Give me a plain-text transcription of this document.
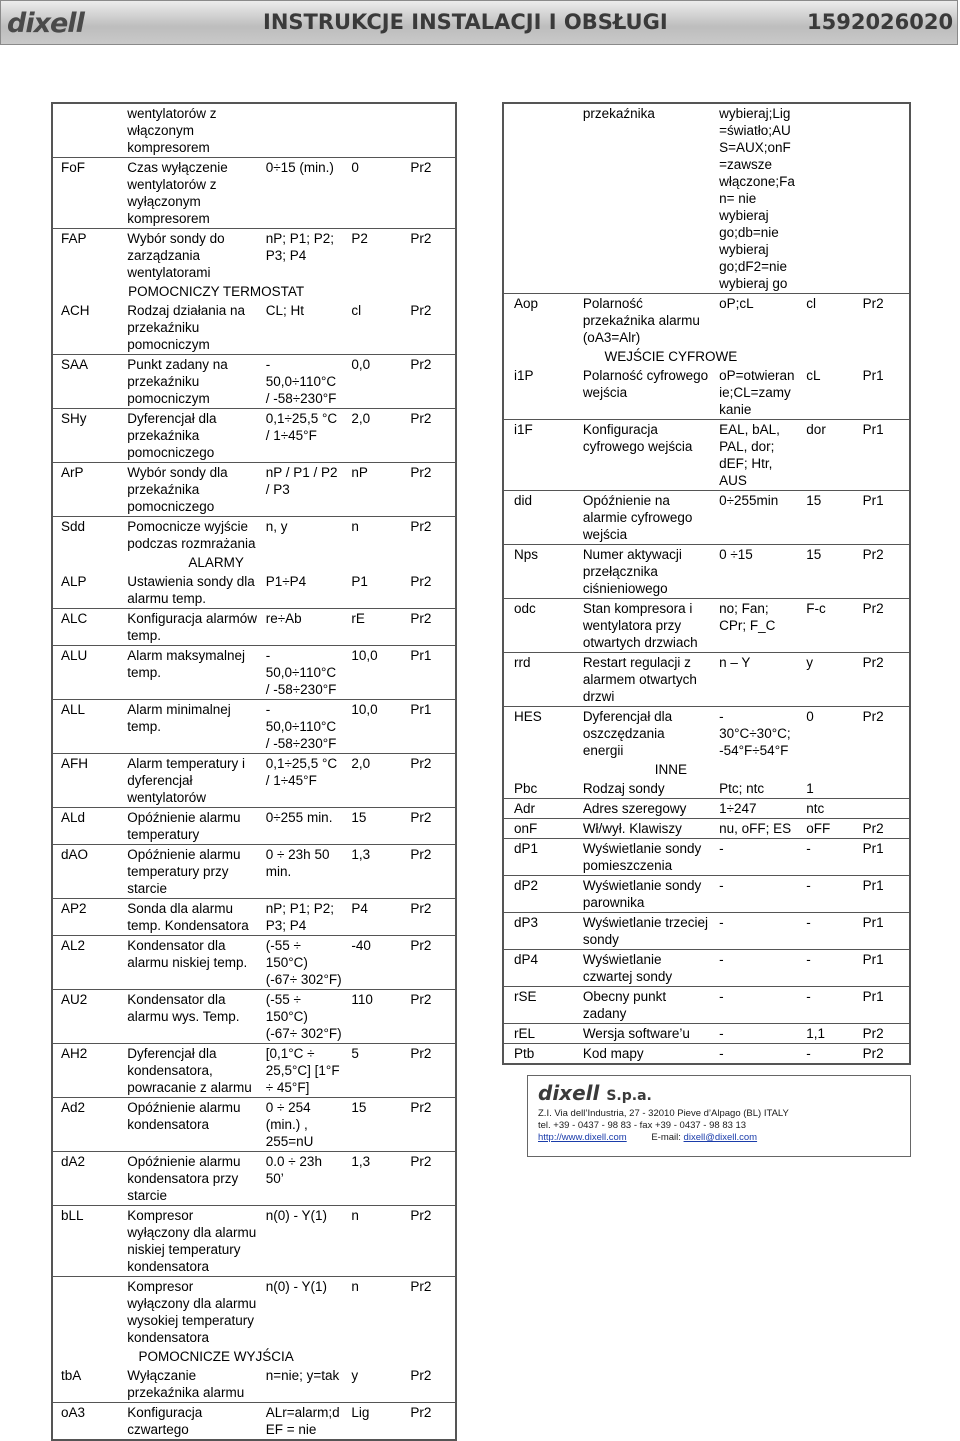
dixell	INSTRUKCJE INSTALACJI I OBSŁUGI	1592026020
	wentylatorów z włączonym kompresorem			
FoF	Czas wyłączenie wentylatorów z wyłączonym kompresorem	0÷15 (min.)	0	Pr2
FAP	Wybór sondy do zarządzania wentylatorami	nP; P1; P2; P3; P4	P2	Pr2
	POMOCNICZY TERMOSTAT			
ACH	Rodzaj działania na przekaźniku pomocniczym	CL; Ht	cl	Pr2
SAA	Punkt zadany na przekaźniku pomocniczym	- 50,0÷110°C / -58÷230°F	0,0	Pr2
SHy	Dyferencjał dla przekaźnika pomocniczego	0,1÷25,5 °C / 1÷45°F	2,0	Pr2
ArP	Wybór sondy dla przekaźnika pomocniczego	nP / P1 / P2 / P3	nP	Pr2
Sdd	Pomocnicze wyjście podczas rozmrażania	n, y	n	Pr2
	ALARMY			
ALP	Ustawienia sondy dla alarmu temp.	P1÷P4	P1	Pr2
ALC	Konfiguracja alarmów temp.	re÷Ab	rE	Pr2
ALU	Alarm maksymalnej temp.	- 50,0÷110°C / -58÷230°F	10,0	Pr1
ALL	Alarm minimalnej temp.	- 50,0÷110°C / -58÷230°F	10,0	Pr1
AFH	Alarm temperatury i dyferencjał wentylatorów	0,1÷25,5 °C / 1÷45°F	2,0	Pr2
ALd	Opóźnienie alarmu temperatury	0÷255 min.	15	Pr2
dAO	Opóźnienie alarmu temperatury przy starcie	0 ÷ 23h 50 min.	1,3	Pr2
AP2	Sonda dla alarmu temp. Kondensatora	nP; P1; P2; P3; P4	P4	Pr2
AL2	Kondensator dla alarmu niskiej temp.	(-55 ÷ 150°C) (-67÷ 302°F)	-40	Pr2
AU2	Kondensator dla alarmu wys. Temp.	(-55 ÷ 150°C) (-67÷ 302°F)	110	Pr2
AH2	Dyferencjał dla kondensatora, powracanie z alarmu	[0,1°C ÷ 25,5°C] [1°F ÷ 45°F]	5	Pr2
Ad2	Opóźnienie alarmu kondensatora	0 ÷ 254 (min.) , 255=nU	15	Pr2
dA2	Opóźnienie alarmu kondensatora przy starcie	0.0 ÷ 23h 50’	1,3	Pr2
bLL	Kompresor wyłączony dla alarmu niskiej temperatury kondensatora	n(0) - Y(1)	n	Pr2
	Kompresor wyłączony dla alarmu wysokiej temperatury kondensatora	n(0) - Y(1)	n	Pr2
	POMOCNICZE WYJŚCIA			
tbA	Wyłączanie przekaźnika alarmu	n=nie; y=tak	y	Pr2
oA3	Konfiguracja czwartego	ALr=alarm;d EF = nie	Lig	Pr2
	przekaźnika	wybieraj;Lig =światło;AU S=AUX;onF =zawsze włączone;Fa n= nie wybieraj go;db=nie wybieraj go;dF2=nie wybieraj go		
Aop	Polarność przekaźnika alarmu (oA3=Alr)	oP;cL	cl	Pr2
	WEJŚCIE CYFROWE			
i1P	Polarność cyfrowego wejścia	oP=otwieran ie;CL=zamy kanie	cL	Pr1
i1F	Konfiguracja cyfrowego wejścia	EAL, bAL, PAL, dor; dEF; Htr, AUS	dor	Pr1
did	Opóźnienie na alarmie cyfrowego wejścia	0÷255min	15	Pr1
Nps	Numer aktywacji przełącznika ciśnieniowego	0 ÷15	15	Pr2
odc	Stan kompresora i wentylatora przy otwartych drzwiach	no; Fan; CPr; F_C	F-c	Pr2
rrd	Restart regulacji z alarmem otwartych drzwi	n – Y	y	Pr2
HES	Dyferencjał dla oszczędzania energii	- 30°C÷30°C; -54°F÷54°F	0	Pr2
	INNE			
Pbc	Rodzaj sondy	Ptc; ntc	1	
Adr	Adres szeregowy	1÷247	ntc	
onF	Wł/wył. Klawiszy	nu, oFF; ES	oFF	Pr2
dP1	Wyświetlanie sondy pomieszczenia	-	-	Pr1
dP2	Wyświetlanie sondy parownika	-	-	Pr1
dP3	Wyświetlanie trzeciej sondy	-	-	Pr1
dP4	Wyświetlanie czwartej sondy	-	-	Pr1
rSE	Obecny punkt zadany	-	-	Pr1
rEL	Wersja software’u	-	1,1	Pr2
Ptb	Kod mapy	-	-	Pr2
dixell S.p.a.
Z.I. Via dell’Industria, 27 - 32010 Pieve d’Alpago (BL) ITALY
tel. +39 - 0437 - 98 83 - fax +39 - 0437 - 98 83 13
http://www.dixell.com	E-mail: dixell@dixell.com
